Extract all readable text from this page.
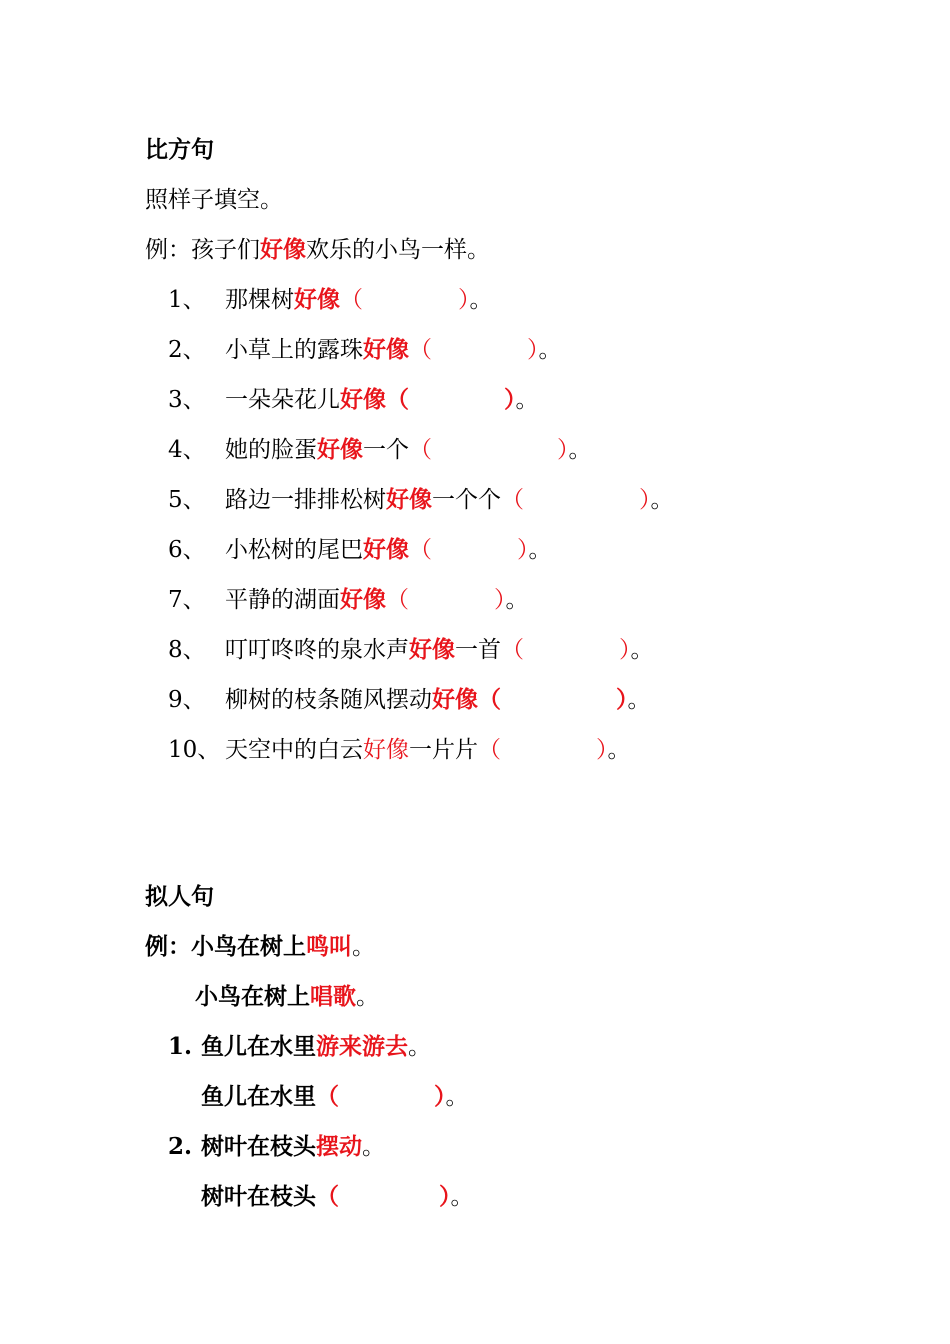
比方句
照样子填空。
例：孩子们好像欢乐的小鸟一样。
1、 那棵树好像（	）。
2、 小草上的露珠好像（	）。
3、 一朵朵花儿好像（	）。
4、 她的脸蛋好像一个（	）。
5、 路边一排排松树好像一个个（	）。
6、 小松树的尾巴好像（	）。
7、 平静的湖面好像（	）。
8、 叮叮咚咚的泉水声好像一首（	）。
9、 柳树的枝条随风摆动好像（	）。
10、 天空中的白云好像一片片（	）。
拟人句
例：小鸟在树上鸣叫。
小鸟在树上唱歌。
1. 鱼儿在水里游来游去。
鱼儿在水里（	）。
2. 树叶在枝头摆动。
树叶在枝头（	）。
